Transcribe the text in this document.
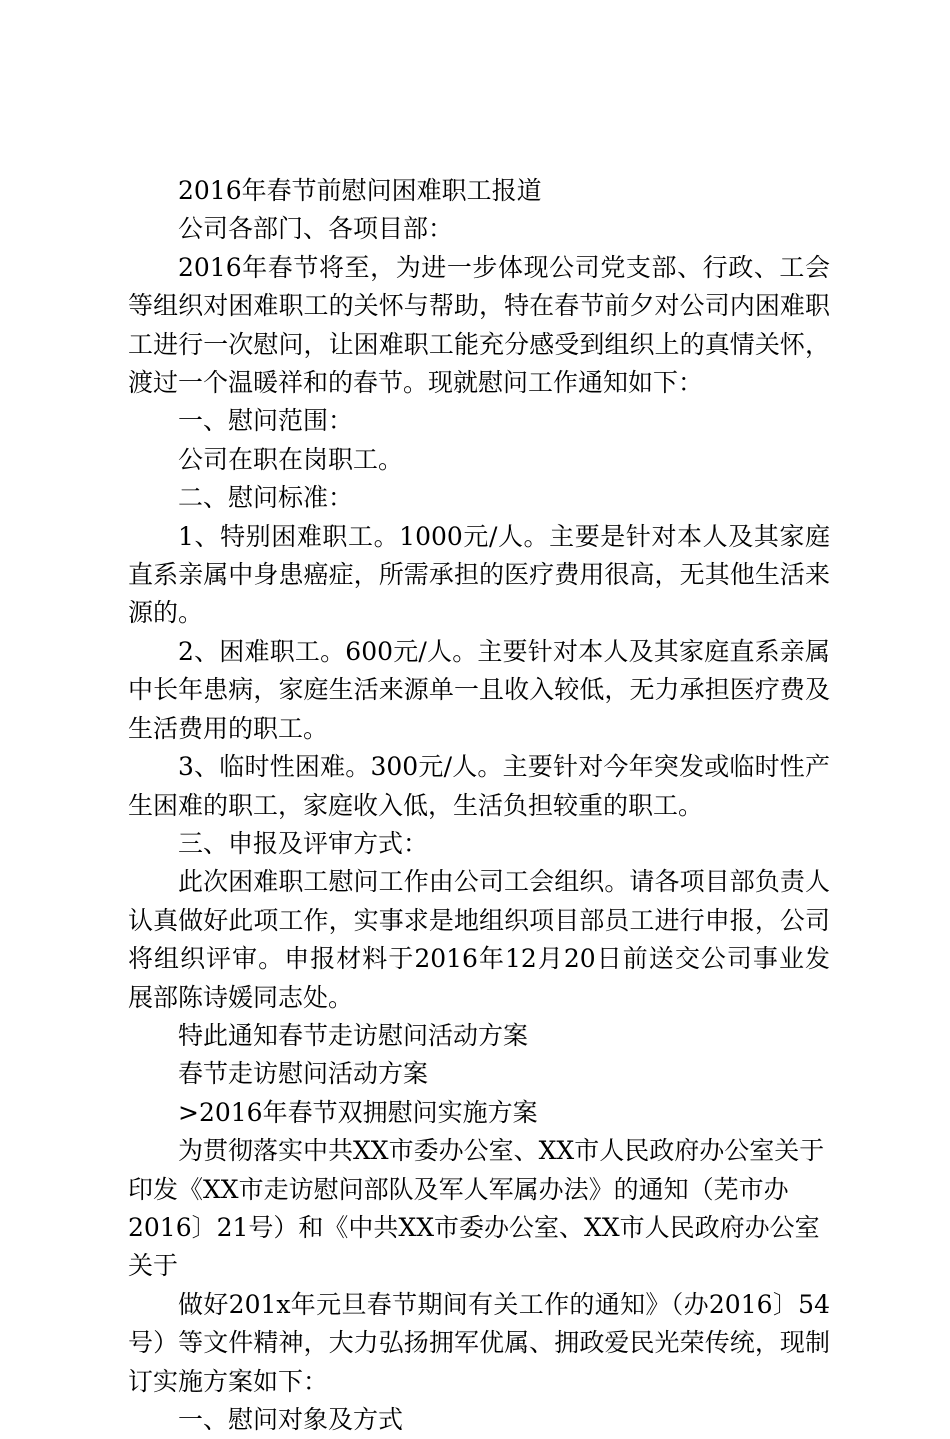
2016年春节前慰问困难职工报道

公司各部门、各项目部：

2016年春节将至，为进一步体现公司党支部、行政、工会等组织对困难职工的关怀与帮助，特在春节前夕对公司内困难职工进行一次慰问，让困难职工能充分感受到组织上的真情关怀，渡过一个温暖祥和的春节。现就慰问工作通知如下：

一、慰问范围：

公司在职在岗职工。

二、慰问标准：

1、特别困难职工。1000元/人。主要是针对本人及其家庭直系亲属中身患癌症，所需承担的医疗费用很高，无其他生活来源的。

2、困难职工。600元/人。主要针对本人及其家庭直系亲属中长年患病，家庭生活来源单一且收入较低，无力承担医疗费及生活费用的职工。

3、临时性困难。300元/人。主要针对今年突发或临时性产生困难的职工，家庭收入低，生活负担较重的职工。

三、申报及评审方式：

此次困难职工慰问工作由公司工会组织。请各项目部负责人认真做好此项工作，实事求是地组织项目部员工进行申报，公司将组织评审。申报材料于2016年12月20日前送交公司事业发展部陈诗媛同志处。

特此通知春节走访慰问活动方案

春节走访慰问活动方案

>2016年春节双拥慰问实施方案

为贯彻落实中共XX市委办公室、XX市人民政府办公室关于印发《XX市走访慰问部队及军人军属办法》的通知（芜市办2016〕21号）和《中共XX市委办公室、XX市人民政府办公室关于

做好201x年元旦春节期间有关工作的通知》（办2016〕54号）等文件精神，大力弘扬拥军优属、拥政爱民光荣传统，现制订实施方案如下：

一、慰问对象及方式
